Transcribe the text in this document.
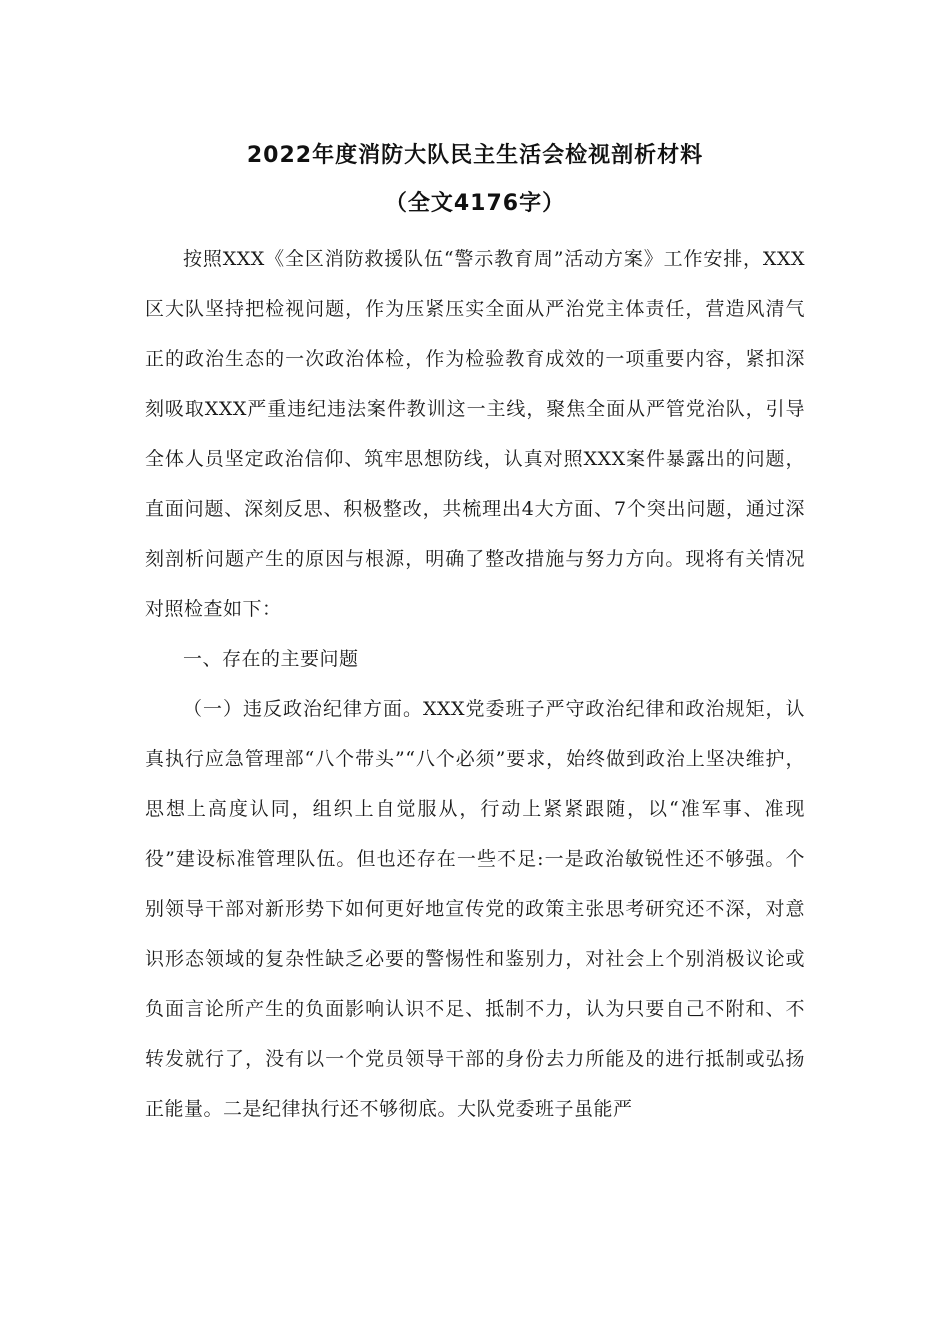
2022年度消防大队民主生活会检视剖析材料
（全文4176字）

按照XXX《全区消防救援队伍“警示教育周”活动方案》工作安排，XXX区大队坚持把检视问题，作为压紧压实全面从严治党主体责任，营造风清气正的政治生态的一次政治体检，作为检验教育成效的一项重要内容，紧扣深刻吸取XXX严重违纪违法案件教训这一主线，聚焦全面从严管党治队，引导全体人员坚定政治信仰、筑牢思想防线，认真对照XXX案件暴露出的问题，直面问题、深刻反思、积极整改，共梳理出4大方面、7个突出问题，通过深刻剖析问题产生的原因与根源，明确了整改措施与努力方向。现将有关情况对照检查如下：

一、存在的主要问题

（一）违反政治纪律方面。XXX党委班子严守政治纪律和政治规矩，认真执行应急管理部“八个带头”“八个必须”要求，始终做到政治上坚决维护，思想上高度认同，组织上自觉服从，行动上紧紧跟随，以“准军事、准现役”建设标准管理队伍。但也还存在一些不足:一是政治敏锐性还不够强。个别领导干部对新形势下如何更好地宣传党的政策主张思考研究还不深，对意识形态领域的复杂性缺乏必要的警惕性和鉴别力，对社会上个别消极议论或负面言论所产生的负面影响认识不足、抵制不力，认为只要自己不附和、不转发就行了，没有以一个党员领导干部的身份去力所能及的进行抵制或弘扬正能量。二是纪律执行还不够彻底。大队党委班子虽能严
